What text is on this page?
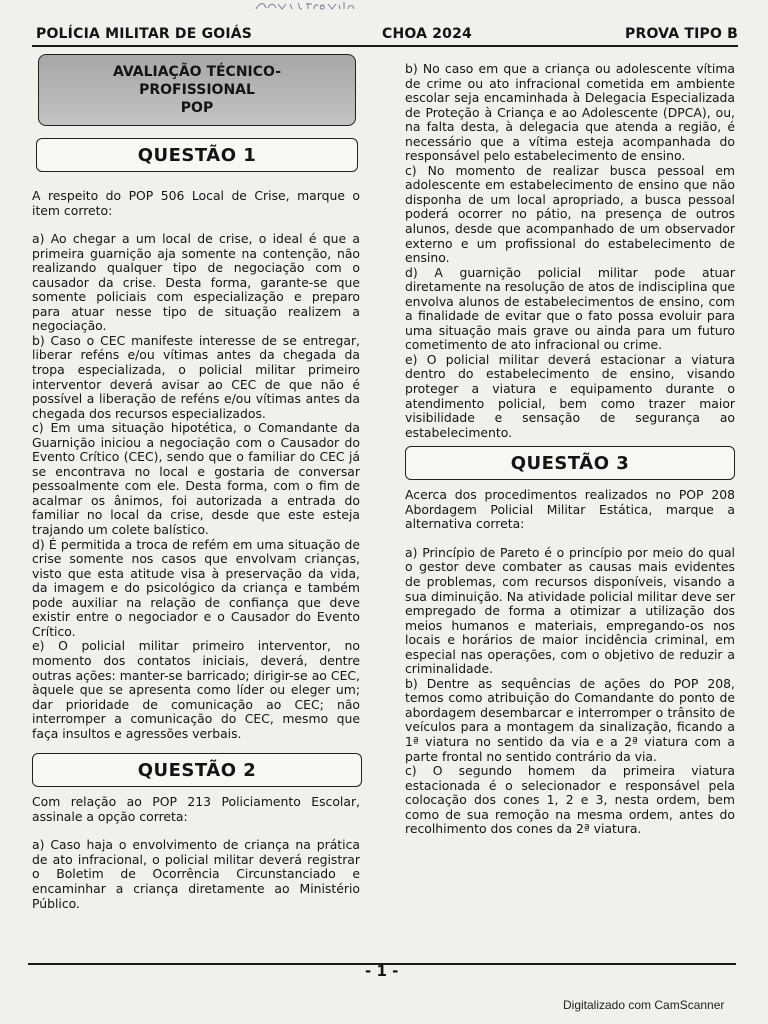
POLÍCIA MILITAR DE GOIÁS	CHOA 2024	PROVA TIPO B
AVALIAÇÃO TÉCNICO-
PROFISSIONAL
POP
QUESTÃO 1

A respeito do POP 506 Local de Crise, marque o item correto:

a) Ao chegar a um local de crise, o ideal é que a primeira guarnição aja somente na contenção, não realizando qualquer tipo de negociação com o causador da crise. Desta forma, garante-se que somente policiais com especialização e preparo para atuar nesse tipo de situação realizem a negociação.

b) Caso o CEC manifeste interesse de se entregar, liberar reféns e/ou vítimas antes da chegada da tropa especializada, o policial militar primeiro interventor deverá avisar ao CEC de que não é possível a liberação de reféns e/ou vítimas antes da chegada dos recursos especializados.

c) Em uma situação hipotética, o Comandante da Guarnição iniciou a negociação com o Causador do Evento Crítico (CEC), sendo que o familiar do CEC já se encontrava no local e gostaria de conversar pessoalmente com ele. Desta forma, com o fim de acalmar os ânimos, foi autorizada a entrada do familiar no local da crise, desde que este esteja trajando um colete balístico.

d) É permitida a troca de refém em uma situação de crise somente nos casos que envolvam crianças, visto que esta atitude visa à preservação da vida, da imagem e do psicológico da criança e também pode auxiliar na relação de confiança que deve existir entre o negociador e o Causador do Evento Crítico.

e) O policial militar primeiro interventor, no momento dos contatos iniciais, deverá, dentre outras ações: manter-se barricado; dirigir-se ao CEC, àquele que se apresenta como líder ou eleger um; dar prioridade de comunicação ao CEC; não interromper a comunicação do CEC, mesmo que faça insultos e agressões verbais.

QUESTÃO 2

Com relação ao POP 213 Policiamento Escolar, assinale a opção correta:

a) Caso haja o envolvimento de criança na prática de ato infracional, o policial militar deverá registrar o Boletim de Ocorrência Circunstanciado e encaminhar a criança diretamente ao Ministério Público.

b) No caso em que a criança ou adolescente vítima de crime ou ato infracional cometida em ambiente escolar seja encaminhada à Delegacia Especializada de Proteção à Criança e ao Adolescente (DPCA), ou, na falta desta, à delegacia que atenda a região, é necessário que a vítima esteja acompanhada do responsável pelo estabelecimento de ensino.

c) No momento de realizar busca pessoal em adolescente em estabelecimento de ensino que não disponha de um local apropriado, a busca pessoal poderá ocorrer no pátio, na presença de outros alunos, desde que acompanhado de um observador externo e um profissional do estabelecimento de ensino.

d) A guarnição policial militar pode atuar diretamente na resolução de atos de indisciplina que envolva alunos de estabelecimentos de ensino, com a finalidade de evitar que o fato possa evoluir para uma situação mais grave ou ainda para um futuro cometimento de ato infracional ou crime.

e) O policial militar deverá estacionar a viatura dentro do estabelecimento de ensino, visando proteger a viatura e equipamento durante o atendimento policial, bem como trazer maior visibilidade e sensação de segurança ao estabelecimento.

QUESTÃO 3

Acerca dos procedimentos realizados no POP 208 Abordagem Policial Militar Estática, marque a alternativa correta:

a) Princípio de Pareto é o princípio por meio do qual o gestor deve combater as causas mais evidentes de problemas, com recursos disponíveis, visando a sua diminuição. Na atividade policial militar deve ser empregado de forma a otimizar a utilização dos meios humanos e materiais, empregando-os nos locais e horários de maior incidência criminal, em especial nas operações, com o objetivo de reduzir a criminalidade.

b) Dentre as sequências de ações do POP 208, temos como atribuição do Comandante do ponto de abordagem desembarcar e interromper o trânsito de veículos para a montagem da sinalização, ficando a 1ª viatura no sentido da via e a 2ª viatura com a parte frontal no sentido contrário da via.

c) O segundo homem da primeira viatura estacionada é o selecionador e responsável pela colocação dos cones 1, 2 e 3, nesta ordem, bem como de sua remoção na mesma ordem, antes do recolhimento dos cones da 2ª viatura.

- 1 -
Digitalizado com CamScanner
